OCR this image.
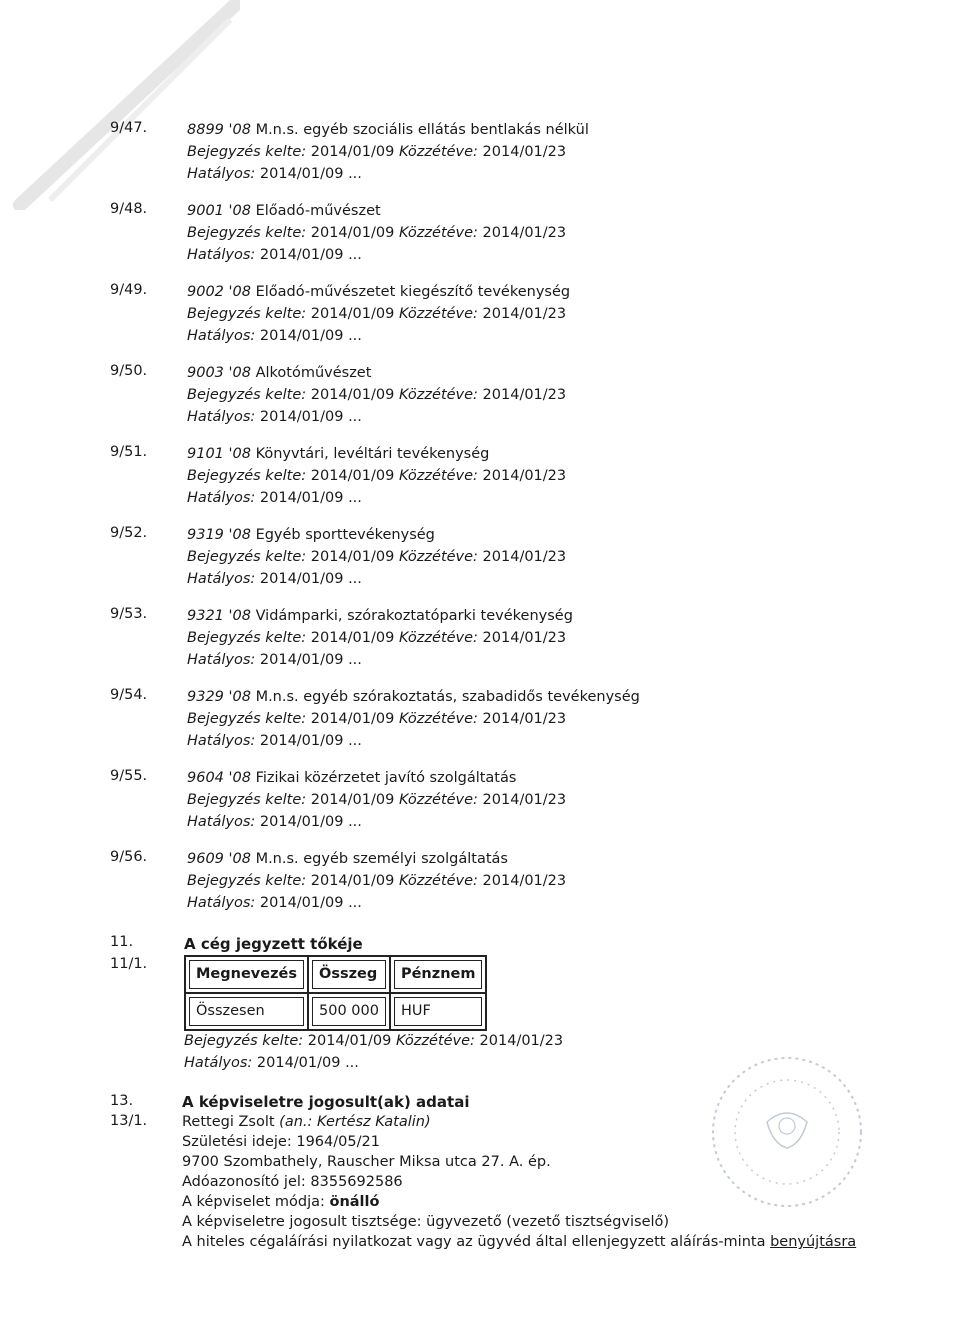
9/47.	8899 '08 M.n.s. egyéb szociális ellátás bentlakás nélkül
Bejegyzés kelte: 2014/01/09 Közzétéve: 2014/01/23
Hatályos: 2014/01/09 ...
9/48.	9001 '08 Előadó-művészet
Bejegyzés kelte: 2014/01/09 Közzétéve: 2014/01/23
Hatályos: 2014/01/09 ...
9/49.	9002 '08 Előadó-művészetet kiegészítő tevékenység
Bejegyzés kelte: 2014/01/09 Közzétéve: 2014/01/23
Hatályos: 2014/01/09 ...
9/50.	9003 '08 Alkotóművészet
Bejegyzés kelte: 2014/01/09 Közzétéve: 2014/01/23
Hatályos: 2014/01/09 ...
9/51.	9101 '08 Könyvtári, levéltári tevékenység
Bejegyzés kelte: 2014/01/09 Közzétéve: 2014/01/23
Hatályos: 2014/01/09 ...
9/52.	9319 '08 Egyéb sporttevékenység
Bejegyzés kelte: 2014/01/09 Közzétéve: 2014/01/23
Hatályos: 2014/01/09 ...
9/53.	9321 '08 Vidámparki, szórakoztatóparki tevékenység
Bejegyzés kelte: 2014/01/09 Közzétéve: 2014/01/23
Hatályos: 2014/01/09 ...
9/54.	9329 '08 M.n.s. egyéb szórakoztatás, szabadidős tevékenység
Bejegyzés kelte: 2014/01/09 Közzétéve: 2014/01/23
Hatályos: 2014/01/09 ...
9/55.	9604 '08 Fizikai közérzetet javító szolgáltatás
Bejegyzés kelte: 2014/01/09 Közzétéve: 2014/01/23
Hatályos: 2014/01/09 ...
9/56.	9609 '08 M.n.s. egyéb személyi szolgáltatás
Bejegyzés kelte: 2014/01/09 Közzétéve: 2014/01/23
Hatályos: 2014/01/09 ...
11.	A cég jegyzett tőkéje
11/1.
Megnevezés	Összeg	Pénznem

Összesen	500 000	HUF
Bejegyzés kelte: 2014/01/09 Közzétéve: 2014/01/23
Hatályos: 2014/01/09 ...
13.
13/1.
A képviseletre jogosult(ak) adatai
Rettegi Zsolt (an.: Kertész Katalin)
Születési ideje: 1964/05/21
9700 Szombathely, Rauscher Miksa utca 27. A. ép.
Adóazonosító jel: 8355692586
A képviselet módja: önálló
A képviseletre jogosult tisztsége: ügyvezető (vezető tisztségviselő)
A hiteles cégaláírási nyilatkozat vagy az ügyvéd által ellenjegyzett aláírás-minta benyújtásra
